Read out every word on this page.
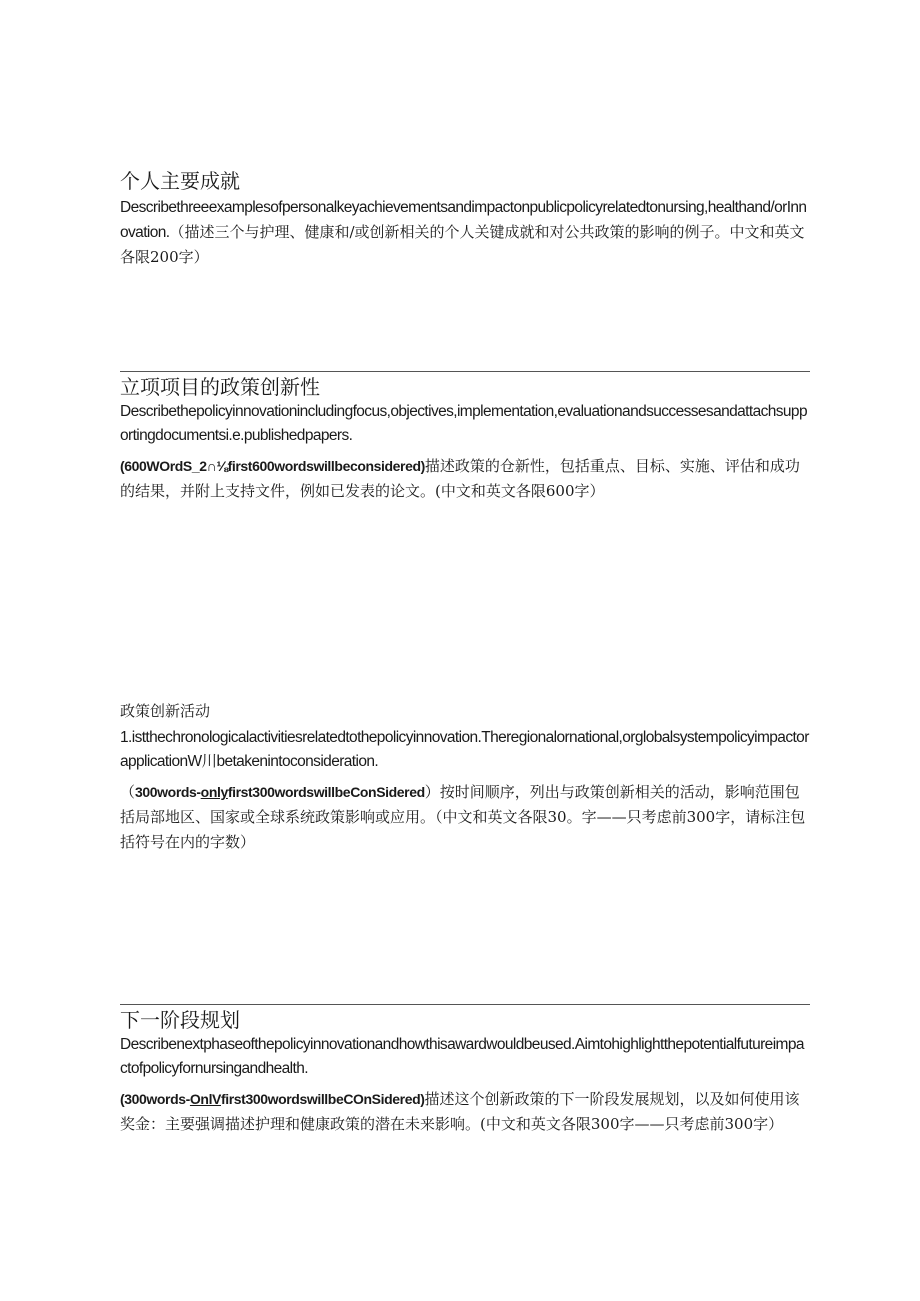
个人主要成就

Describethreeexamplesofpersonalkeyachievementsandimpactonpublicpolicyrelatedtonursing,healthand/orInnovation.（描述三个与护理、健康和/或创新相关的个人关键成就和对公共政策的影响的例子。中文和英文各限200字）

立项项目的政策创新性

Describethepolicyinnovationincludingfocus,objectives,implementation,evaluationandsuccessesandattachsupportingdocumentsi.e.publishedpapers.

(600WOrdS_2∩⅛first600wordswillbeconsidered)描述政策的仓新性，包括重点、目标、实施、评估和成功的结果，并附上支持文件，例如已发表的论文。(中文和英文各限600字）

政策创新活动

1.istthechronologicalactivitiesrelatedtothepolicyinnovation.Theregionalornational,orglobalsystempolicyimpactorapplicationW川betakenintoconsideration.

（300words-onlyfirst300wordswillbeConSidered）按时间顺序，列出与政策创新相关的活动，影响范围包括局部地区、国家或全球系统政策影响或应用。（中文和英文各限30。字——只考虑前300字，请标注包括符号在内的字数）

下一阶段规划

Describenextphaseofthepolicyinnovationandhowthisawardwouldbeused.Aimtohighlightthepotentialfutureimpactofpolicyfornursingandhealth.

(300words-OnlVfirst300wordswillbeCOnSidered)描述这个创新政策的下一阶段发展规划，以及如何使用该奖金：主要强调描述护理和健康政策的潜在未来影响。(中文和英文各限300字——只考虑前300字）
